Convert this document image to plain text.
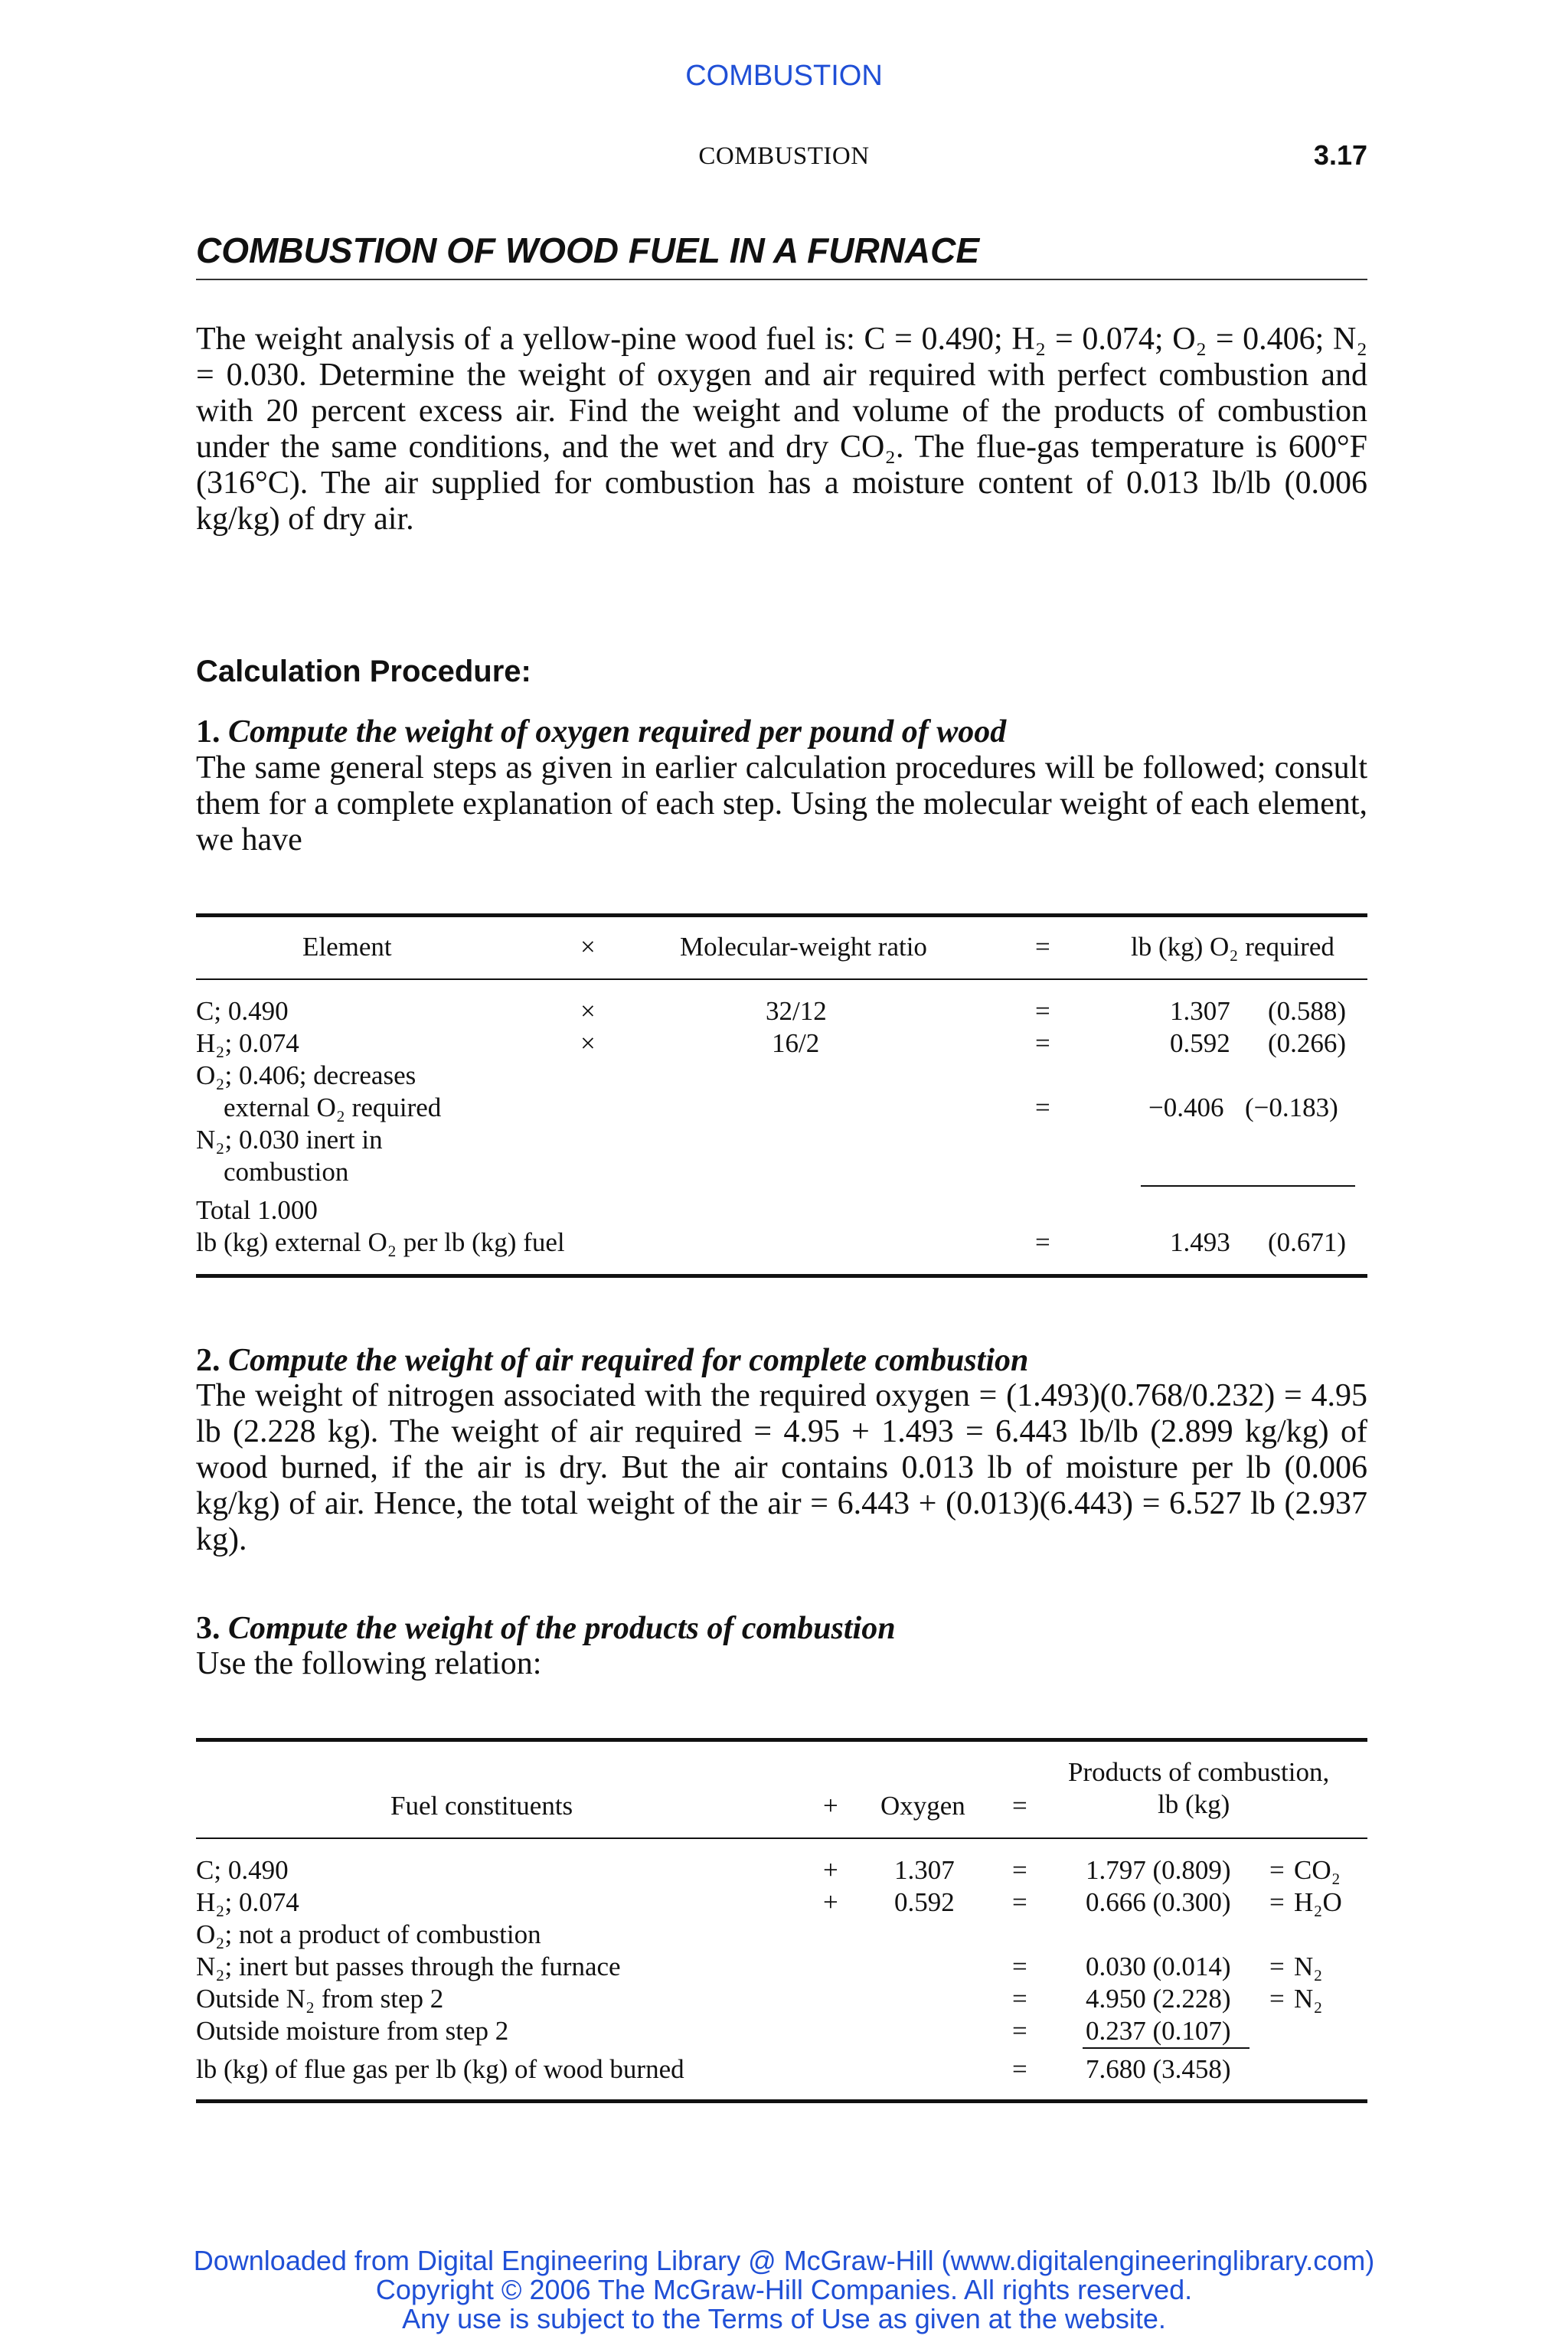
COMBUSTION
COMBUSTION	3.17
COMBUSTION OF WOOD FUEL IN A FURNACE

The weight analysis of a yellow-pine wood fuel is: C = 0.490; H₂ = 0.074; O₂ = 0.406; N₂ = 0.030. Determine the weight of oxygen and air required with perfect combustion and with 20 percent excess air. Find the weight and volume of the products of combustion under the same conditions, and the wet and dry CO₂. The flue-gas temperature is 600°F (316°C). The air supplied for combustion has a moisture content of 0.013 lb/lb (0.006 kg/kg) of dry air.

Calculation Procedure:
1. Compute the weight of oxygen required per pound of wood

The same general steps as given in earlier calculation procedures will be followed; consult them for a complete explanation of each step. Using the molecular weight of each element, we have

Element	×	Molecular-weight ratio	=	lb (kg) O₂ required
C; 0.490	×	32/12	=	1.307 (0.588)
H₂; 0.074	×	16/2	=	0.592 (0.266)
O₂; 0.406; decreases
external O₂ required	=	−0.406 (−0.183)
N₂; 0.030 inert in
combustion
Total 1.000
lb (kg) external O₂ per lb (kg) fuel	=	1.493 (0.671)
2. Compute the weight of air required for complete combustion

The weight of nitrogen associated with the required oxygen = (1.493)(0.768/0.232) = 4.95 lb (2.228 kg). The weight of air required = 4.95 + 1.493 = 6.443 lb/lb (2.899 kg/kg) of wood burned, if the air is dry. But the air contains 0.013 lb of moisture per lb (0.006 kg/kg) of air. Hence, the total weight of the air = 6.443 + (0.013)(6.443) = 6.527 lb (2.937 kg).

3. Compute the weight of the products of combustion

Use the following relation:

Products of combustion,
lb (kg)
Fuel constituents	+ Oxygen =
C; 0.490	+ 1.307 = 1.797 (0.809) = CO₂
H₂; 0.074	+ 0.592 = 0.666 (0.300) = H₂O
O₂; not a product of combustion
N₂; inert but passes through the furnace	= 0.030 (0.014) = N₂
Outside N₂ from step 2	= 4.950 (2.228) = N₂
Outside moisture from step 2	= 0.237 (0.107)
lb (kg) of flue gas per lb (kg) of wood burned	= 7.680 (3.458)
Downloaded from Digital Engineering Library @ McGraw-Hill (www.digitalengineeringlibrary.com)
Copyright © 2006 The McGraw-Hill Companies. All rights reserved.
Any use is subject to the Terms of Use as given at the website.
